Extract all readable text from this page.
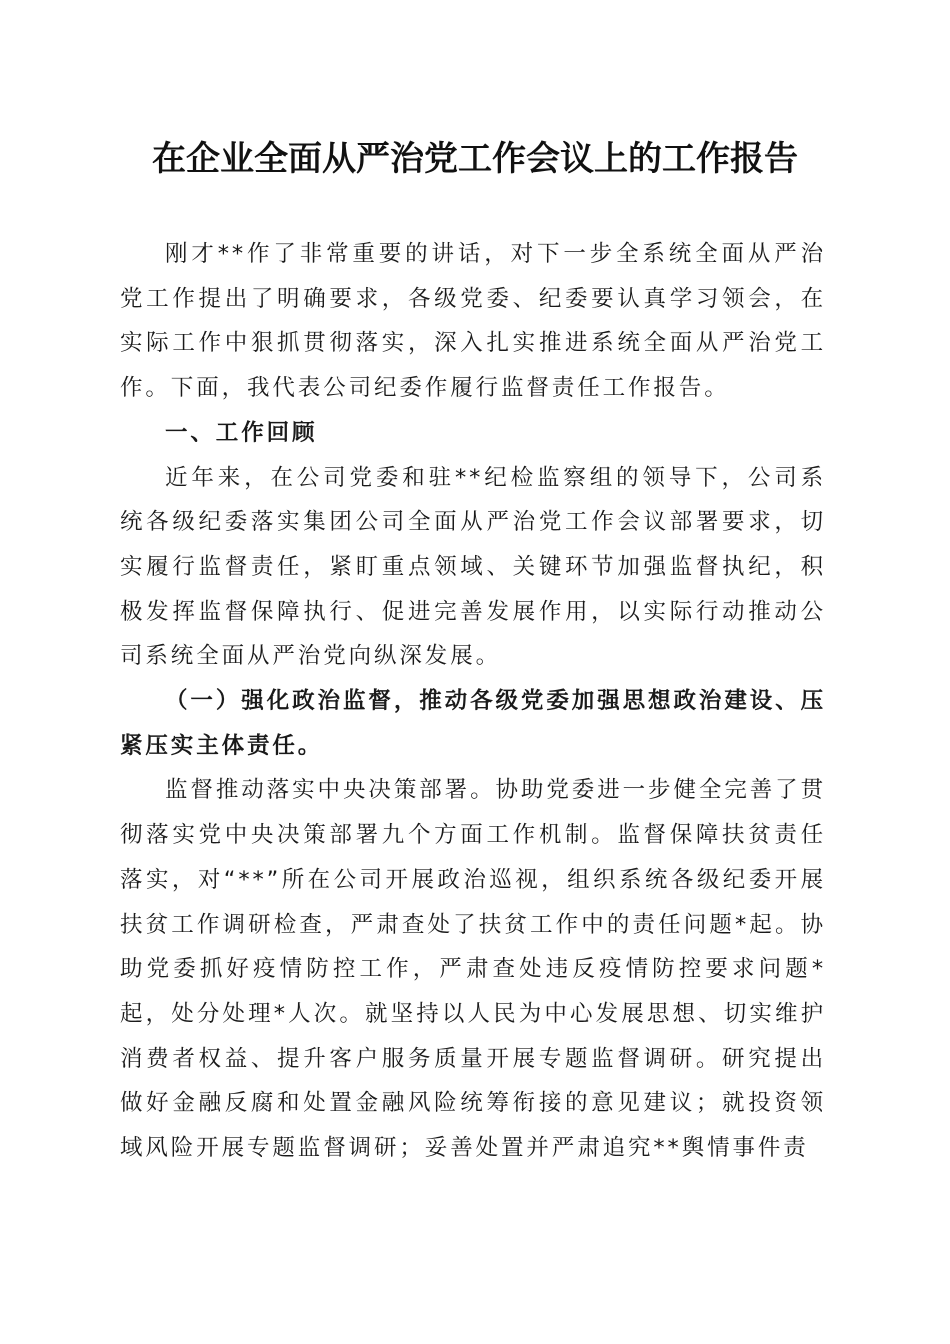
在企业全面从严治党工作会议上的工作报告

刚才**作了非常重要的讲话，对下一步全系统全面从严治党工作提出了明确要求，各级党委、纪委要认真学习领会，在实际工作中狠抓贯彻落实，深入扎实推进系统全面从严治党工作。下面，我代表公司纪委作履行监督责任工作报告。

一、工作回顾

近年来，在公司党委和驻**纪检监察组的领导下，公司系统各级纪委落实集团公司全面从严治党工作会议部署要求，切实履行监督责任，紧盯重点领域、关键环节加强监督执纪，积极发挥监督保障执行、促进完善发展作用，以实际行动推动公司系统全面从严治党向纵深发展。

（一）强化政治监督，推动各级党委加强思想政治建设、压紧压实主体责任。

监督推动落实中央决策部署。协助党委进一步健全完善了贯彻落实党中央决策部署九个方面工作机制。监督保障扶贫责任落实，对“**”所在公司开展政治巡视，组织系统各级纪委开展扶贫工作调研检查，严肃查处了扶贫工作中的责任问题*起。协助党委抓好疫情防控工作，严肃查处违反疫情防控要求问题*起，处分处理*人次。就坚持以人民为中心发展思想、切实维护消费者权益、提升客户服务质量开展专题监督调研。研究提出做好金融反腐和处置金融风险统筹衔接的意见建议；就投资领域风险开展专题监督调研；妥善处置并严肃追究**舆情事件责
